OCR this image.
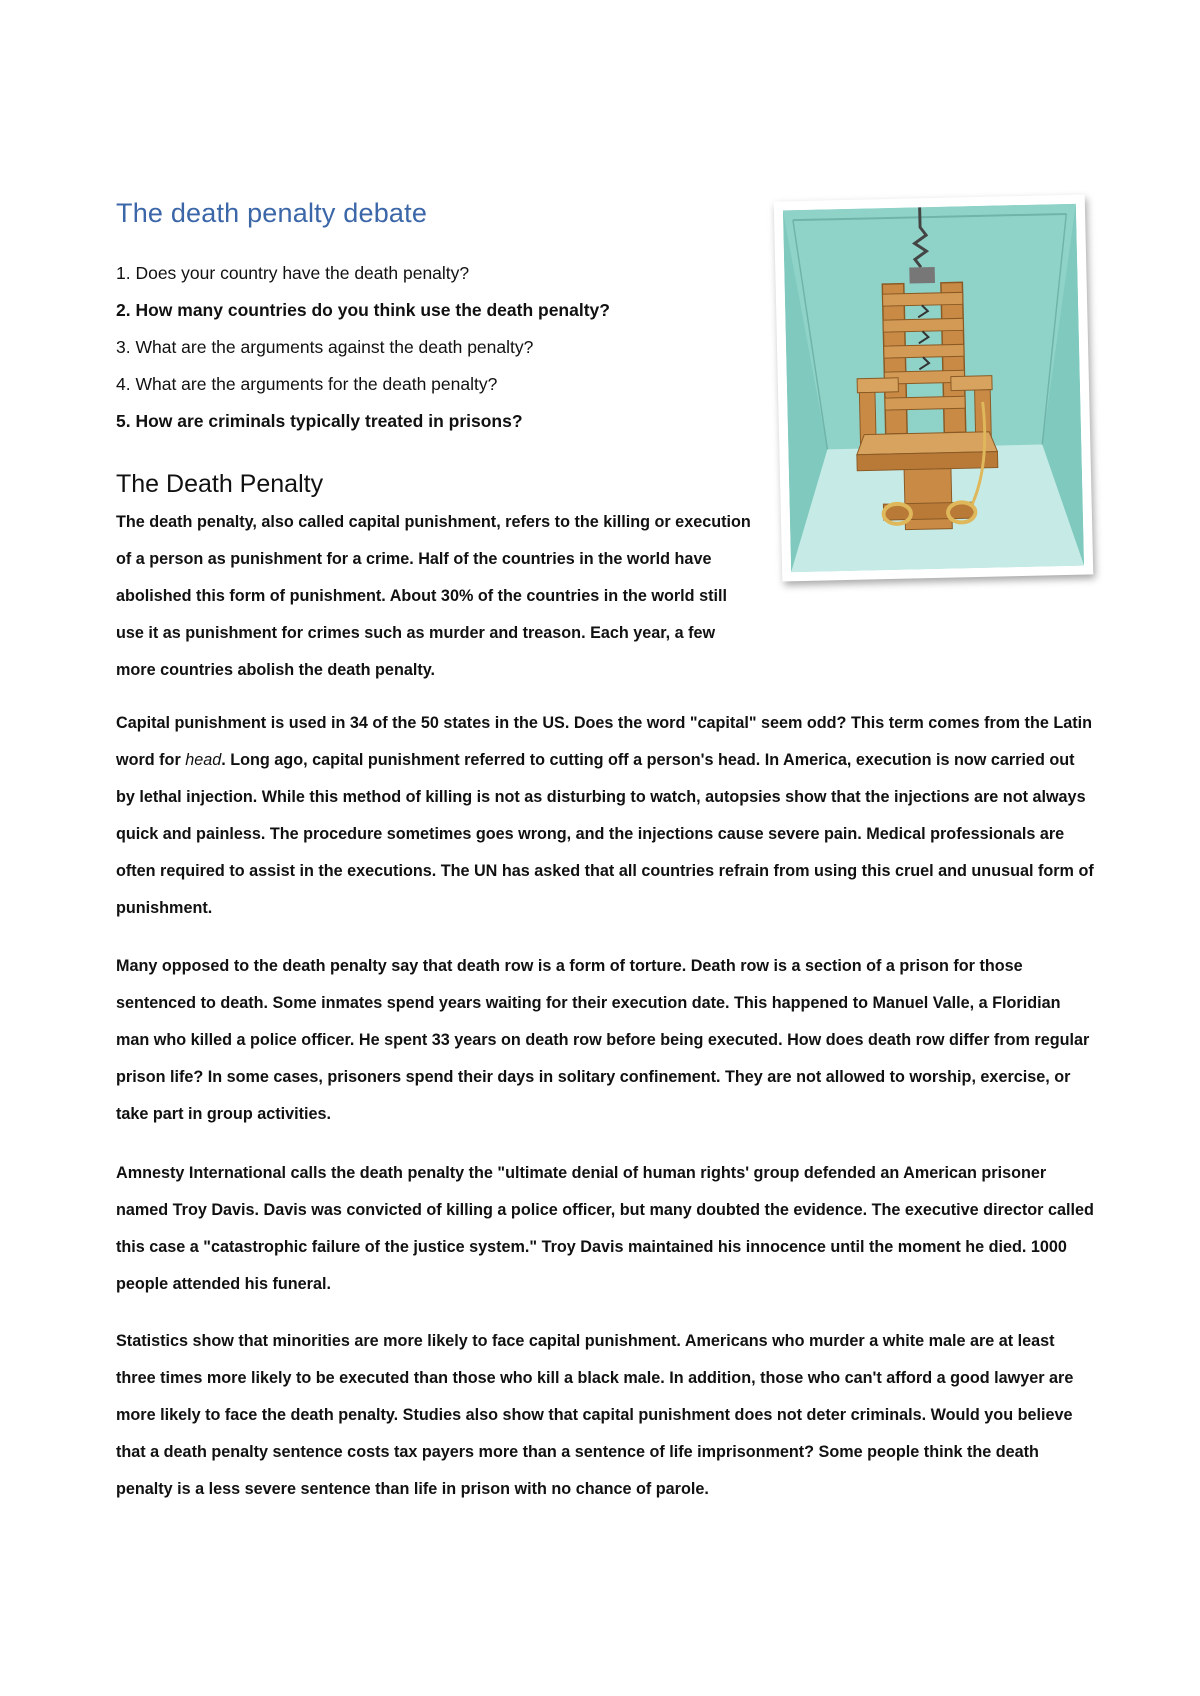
The death penalty debate
1. Does your country have the death penalty?
2. How many countries do you think use the death penalty?
3. What are the arguments against the death penalty?
4. What are the arguments for the death penalty?
5. How are criminals typically treated in prisons?
The Death Penalty

The death penalty, also called capital punishment, refers to the killing or execution of a person as punishment for a crime. Half of the countries in the world have abolished this form of punishment. About 30% of the countries in the world still use it as punishment for crimes such as murder and treason. Each year, a few more countries abolish the death penalty.

Capital punishment is used in 34 of the 50 states in the US. Does the word "capital" seem odd? This term comes from the Latin word for head. Long ago, capital punishment referred to cutting off a person's head. In America, execution is now carried out by lethal injection. While this method of killing is not as disturbing to watch, autopsies show that the injections are not always quick and painless. The procedure sometimes goes wrong, and the injections cause severe pain. Medical professionals are often required to assist in the executions. The UN has asked that all countries refrain from using this cruel and unusual form of punishment.

Many opposed to the death penalty say that death row is a form of torture. Death row is a section of a prison for those sentenced to death. Some inmates spend years waiting for their execution date. This happened to Manuel Valle, a Floridian man who killed a police officer. He spent 33 years on death row before being executed. How does death row differ from regular prison life? In some cases, prisoners spend their days in solitary confinement. They are not allowed to worship, exercise, or take part in group activities.

Amnesty International calls the death penalty the "ultimate denial of human rights' group defended an American prisoner named Troy Davis. Davis was convicted of killing a police officer, but many doubted the evidence. The executive director called this case a "catastrophic failure of the justice system." Troy Davis maintained his innocence until the moment he died. 1000 people attended his funeral.

Statistics show that minorities are more likely to face capital punishment. Americans who murder a white male are at least three times more likely to be executed than those who kill a black male. In addition, those who can't afford a good lawyer are more likely to face the death penalty. Studies also show that capital punishment does not deter criminals. Would you believe that a death penalty sentence costs tax payers more than a sentence of life imprisonment? Some people think the death penalty is a less severe sentence than life in prison with no chance of parole.
